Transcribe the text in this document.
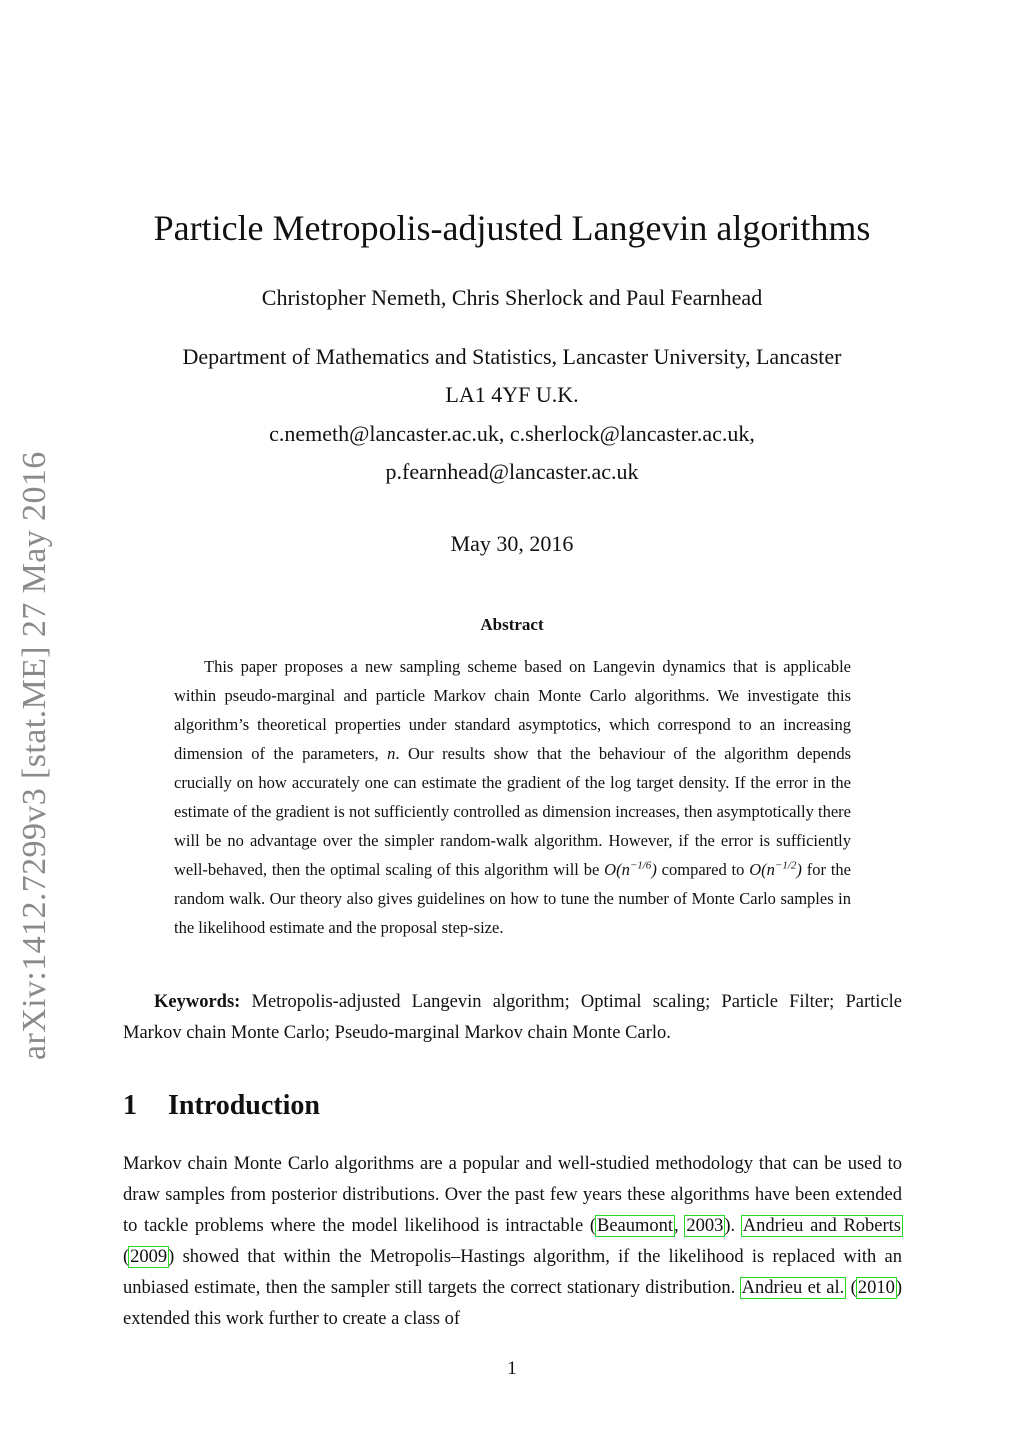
arXiv:1412.7299v3 [stat.ME] 27 May 2016
Particle Metropolis-adjusted Langevin algorithms
Christopher Nemeth, Chris Sherlock and Paul Fearnhead
Department of Mathematics and Statistics, Lancaster University, Lancaster
LA1 4YF U.K.
c.nemeth@lancaster.ac.uk, c.sherlock@lancaster.ac.uk,
p.fearnhead@lancaster.ac.uk
May 30, 2016
Abstract

This paper proposes a new sampling scheme based on Langevin dynamics that is applicable within pseudo-marginal and particle Markov chain Monte Carlo algorithms. We investigate this algorithm’s theoretical properties under standard asymptotics, which correspond to an increasing dimension of the parameters, n. Our results show that the behaviour of the algorithm depends crucially on how accurately one can estimate the gradient of the log target density. If the error in the estimate of the gradient is not sufficiently controlled as dimension increases, then asymptotically there will be no advantage over the simpler random-walk algorithm. However, if the error is sufficiently well-behaved, then the optimal scaling of this algorithm will be $O(n^{-1/6})$ compared to $O(n^{-1/2})$ for the random walk. Our theory also gives guidelines on how to tune the number of Monte Carlo samples in the likelihood estimate and the proposal step-size.

Keywords: Metropolis-adjusted Langevin algorithm; Optimal scaling; Particle Filter; Particle Markov chain Monte Carlo; Pseudo-marginal Markov chain Monte Carlo.

1 Introduction

Markov chain Monte Carlo algorithms are a popular and well-studied methodology that can be used to draw samples from posterior distributions. Over the past few years these algorithms have been extended to tackle problems where the model likelihood is intractable (Beaumont, 2003). Andrieu and Roberts (2009) showed that within the Metropolis–Hastings algorithm, if the likelihood is replaced with an unbiased estimate, then the sampler still targets the correct stationary distribution. Andrieu et al. (2010) extended this work further to create a class of

1
